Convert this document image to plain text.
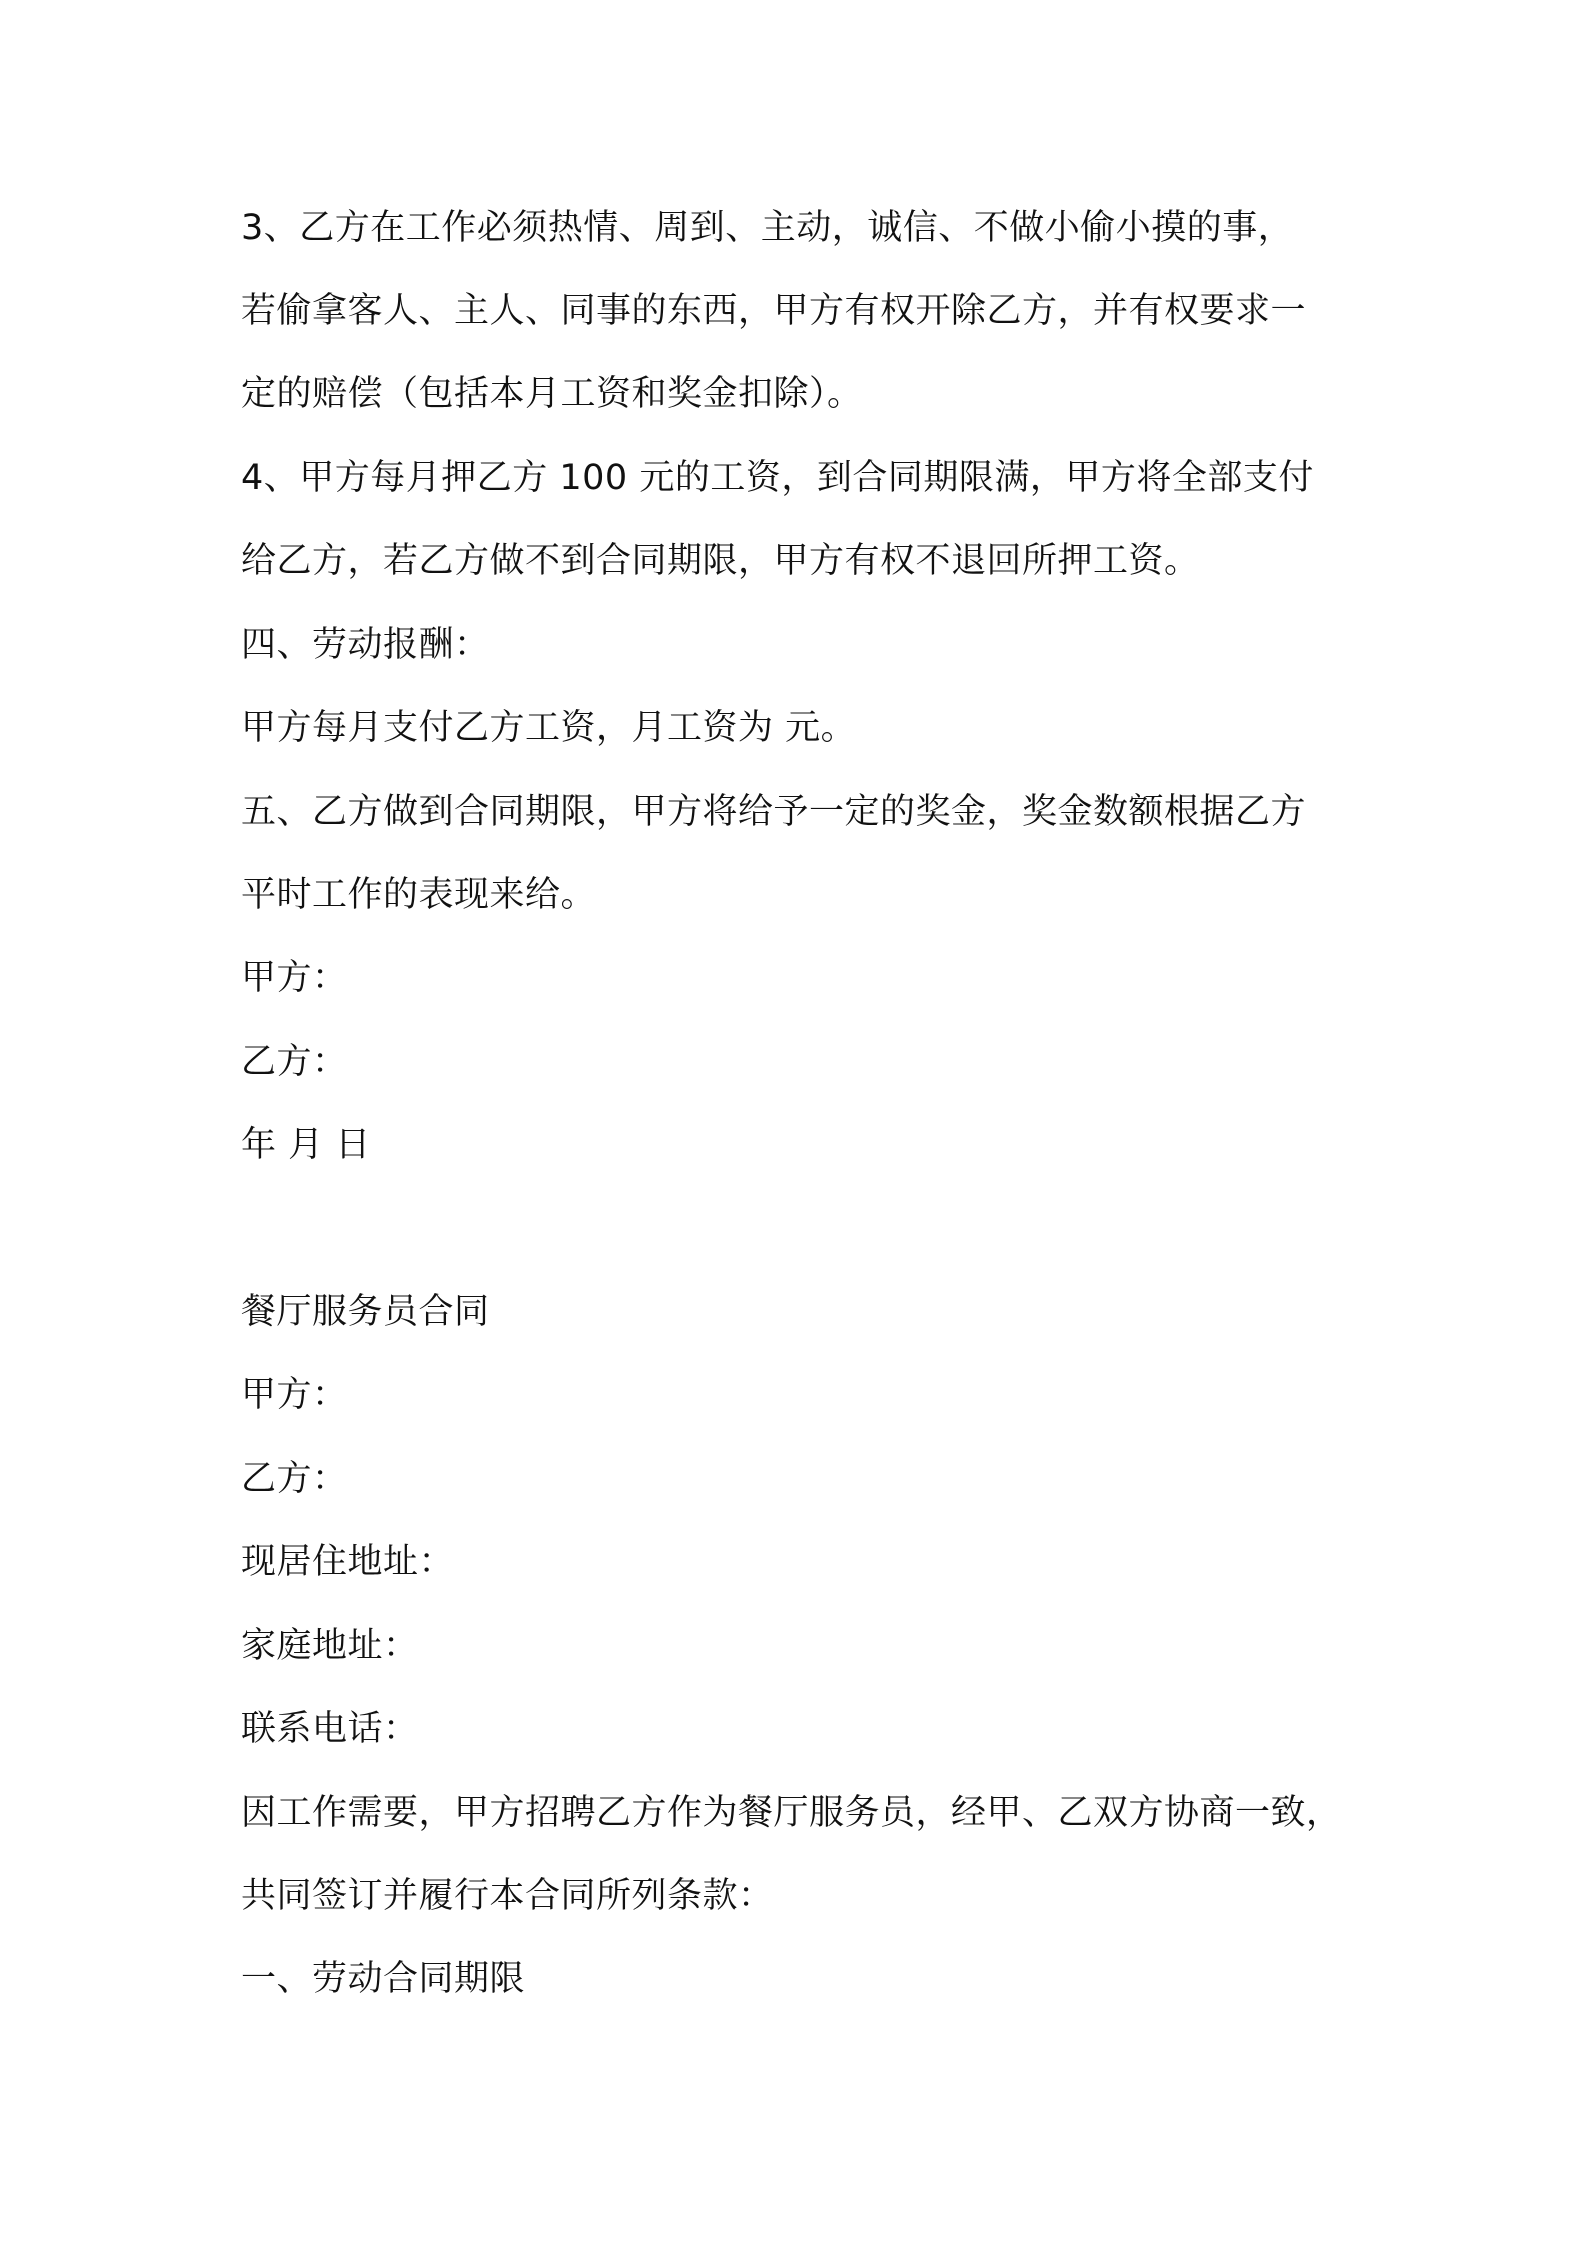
3、乙方在工作必须热情、周到、主动，诚信、不做小偷小摸的事，
若偷拿客人、主人、同事的东西，甲方有权开除乙方，并有权要求一
定的赔偿（包括本月工资和奖金扣除）。
4、甲方每月押乙方 100 元的工资，到合同期限满，甲方将全部支付
给乙方，若乙方做不到合同期限，甲方有权不退回所押工资。
四、劳动报酬：
甲方每月支付乙方工资，月工资为 元。
五、乙方做到合同期限，甲方将给予一定的奖金，奖金数额根据乙方
平时工作的表现来给。
甲方：
乙方：
年 月 日
餐厅服务员合同
甲方：
乙方：
现居住地址：
家庭地址：
联系电话：
因工作需要，甲方招聘乙方作为餐厅服务员，经甲、乙双方协商一致，
共同签订并履行本合同所列条款：
一、劳动合同期限
